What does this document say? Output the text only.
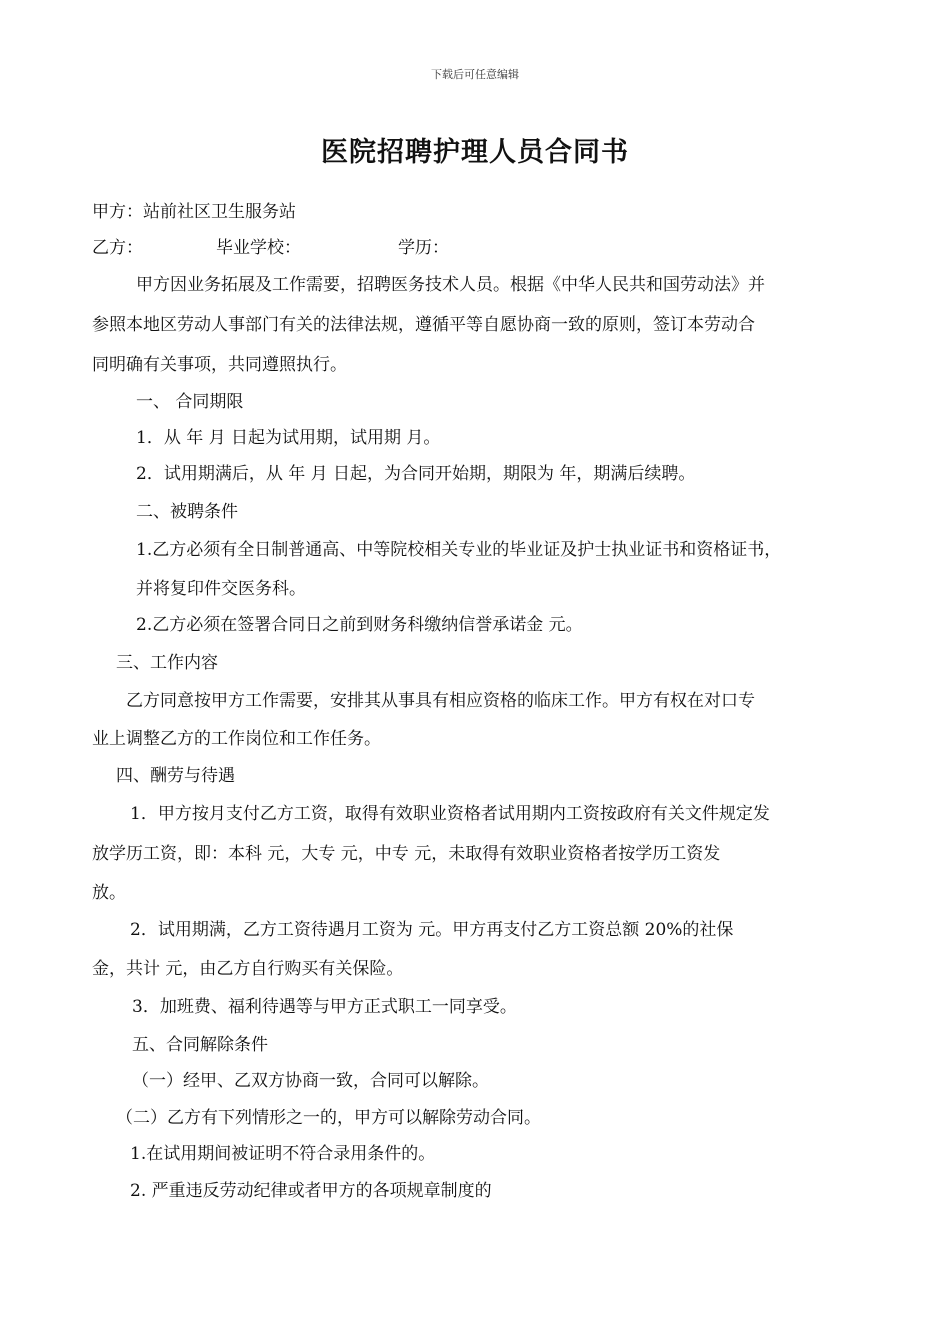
下载后可任意编辑
医院招聘护理人员合同书
甲方：站前社区卫生服务站
乙方：	毕业学校：	学历：
甲方因业务拓展及工作需要，招聘医务技术人员。根据《中华人民共和国劳动法》并
参照本地区劳动人事部门有关的法律法规，遵循平等自愿协商一致的原则，签订本劳动合
同明确有关事项，共同遵照执行。
一、 合同期限
1．从 年 月 日起为试用期，试用期 月。
2．试用期满后，从 年 月 日起，为合同开始期，期限为 年，期满后续聘。
二、被聘条件
1.乙方必须有全日制普通高、中等院校相关专业的毕业证及护士执业证书和资格证书，
并将复印件交医务科。
2.乙方必须在签署合同日之前到财务科缴纳信誉承诺金 元。
三、工作内容
乙方同意按甲方工作需要，安排其从事具有相应资格的临床工作。甲方有权在对口专
业上调整乙方的工作岗位和工作任务。
四、酬劳与待遇
1．甲方按月支付乙方工资，取得有效职业资格者试用期内工资按政府有关文件规定发
放学历工资，即：本科 元，大专 元，中专 元，未取得有效职业资格者按学历工资发
放。
2．试用期满，乙方工资待遇月工资为 元。甲方再支付乙方工资总额 20%的社保
金，共计 元，由乙方自行购买有关保险。
3．加班费、福利待遇等与甲方正式职工一同享受。
五、合同解除条件
（一）经甲、乙双方协商一致，合同可以解除。
（二）乙方有下列情形之一的，甲方可以解除劳动合同。
1.在试用期间被证明不符合录用条件的。
2. 严重违反劳动纪律或者甲方的各项规章制度的
